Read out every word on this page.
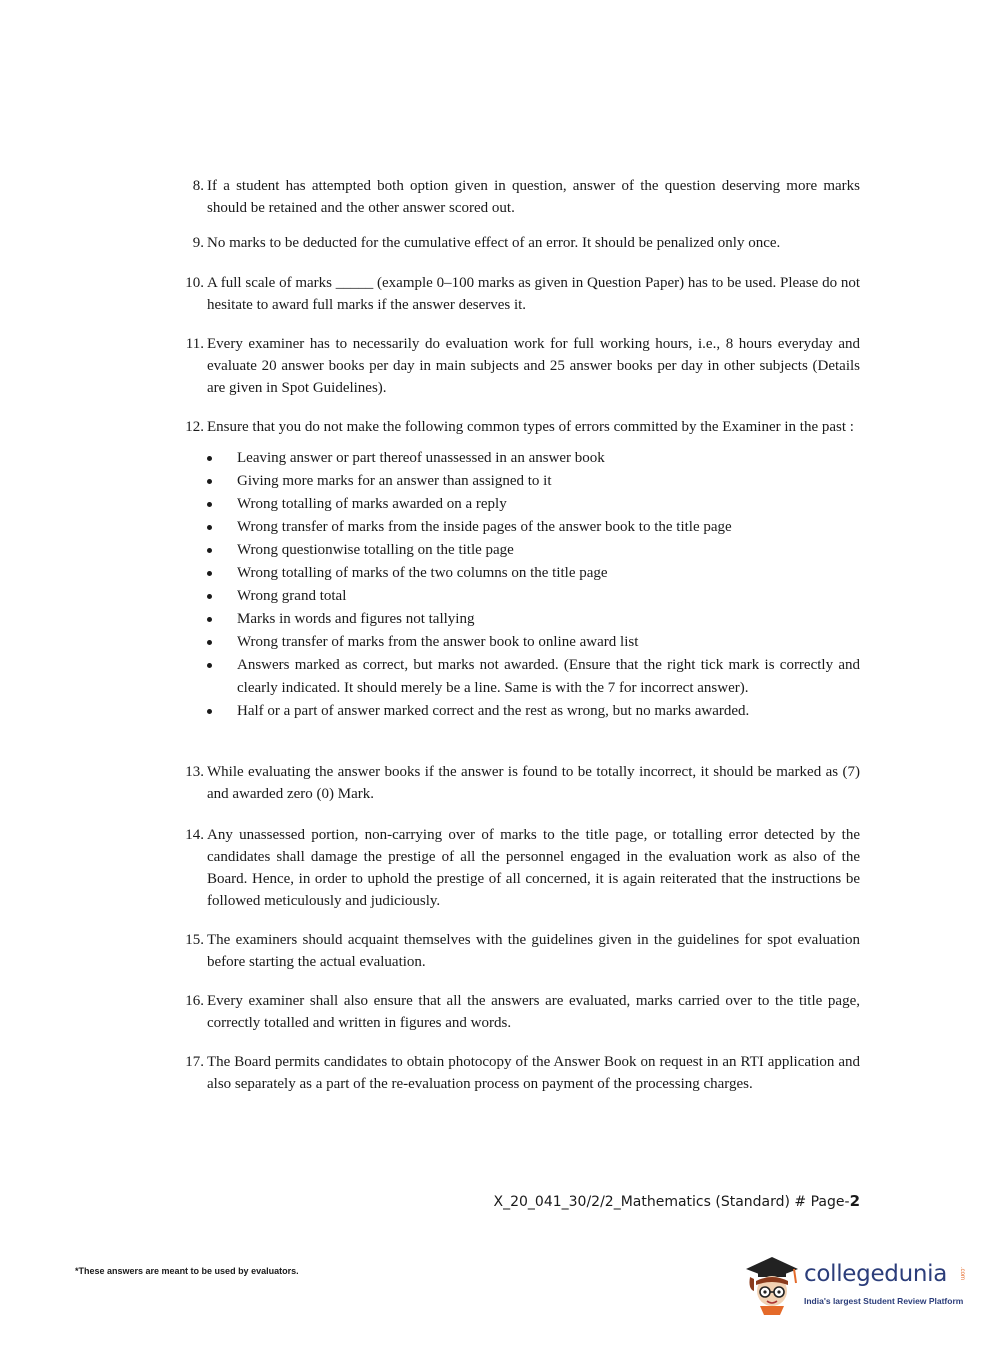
8. If a student has attempted both option given in question, answer of the question deserving more marks should be retained and the other answer scored out.
9. No marks to be deducted for the cumulative effect of an error. It should be penalized only once.
10. A full scale of marks _____ (example 0–100 marks as given in Question Paper) has to be used. Please do not hesitate to award full marks if the answer deserves it.
11. Every examiner has to necessarily do evaluation work for full working hours, i.e., 8 hours everyday and evaluate 20 answer books per day in main subjects and 25 answer books per day in other subjects (Details are given in Spot Guidelines).
12. Ensure that you do not make the following common types of errors committed by the Examiner in the past :
Leaving answer or part thereof unassessed in an answer book
Giving more marks for an answer than assigned to it
Wrong totalling of marks awarded on a reply
Wrong transfer of marks from the inside pages of the answer book to the title page
Wrong questionwise totalling on the title page
Wrong totalling of marks of the two columns on the title page
Wrong grand total
Marks in words and figures not tallying
Wrong transfer of marks from the answer book to online award list
Answers marked as correct, but marks not awarded. (Ensure that the right tick mark is correctly and clearly indicated. It should merely be a line. Same is with the 7 for incorrect answer).
Half or a part of answer marked correct and the rest as wrong, but no marks awarded.
13. While evaluating the answer books if the answer is found to be totally incorrect, it should be marked as (7) and awarded zero (0) Mark.
14. Any unassessed portion, non-carrying over of marks to the title page, or totalling error detected by the candidates shall damage the prestige of all the personnel engaged in the evaluation work as also of the Board. Hence, in order to uphold the prestige of all concerned, it is again reiterated that the instructions be followed meticulously and judiciously.
15. The examiners should acquaint themselves with the guidelines given in the guidelines for spot evaluation before starting the actual evaluation.
16. Every examiner shall also ensure that all the answers are evaluated, marks carried over to the title page, correctly totalled and written in figures and words.
17. The Board permits candidates to obtain photocopy of the Answer Book on request in an RTI application and also separately as a part of the re-evaluation process on payment of the processing charges.
X_20_041_30/2/2_Mathematics (Standard) # Page-2
*These answers are meant to be used by evaluators.	collegedunia .com
India's largest Student Review Platform
